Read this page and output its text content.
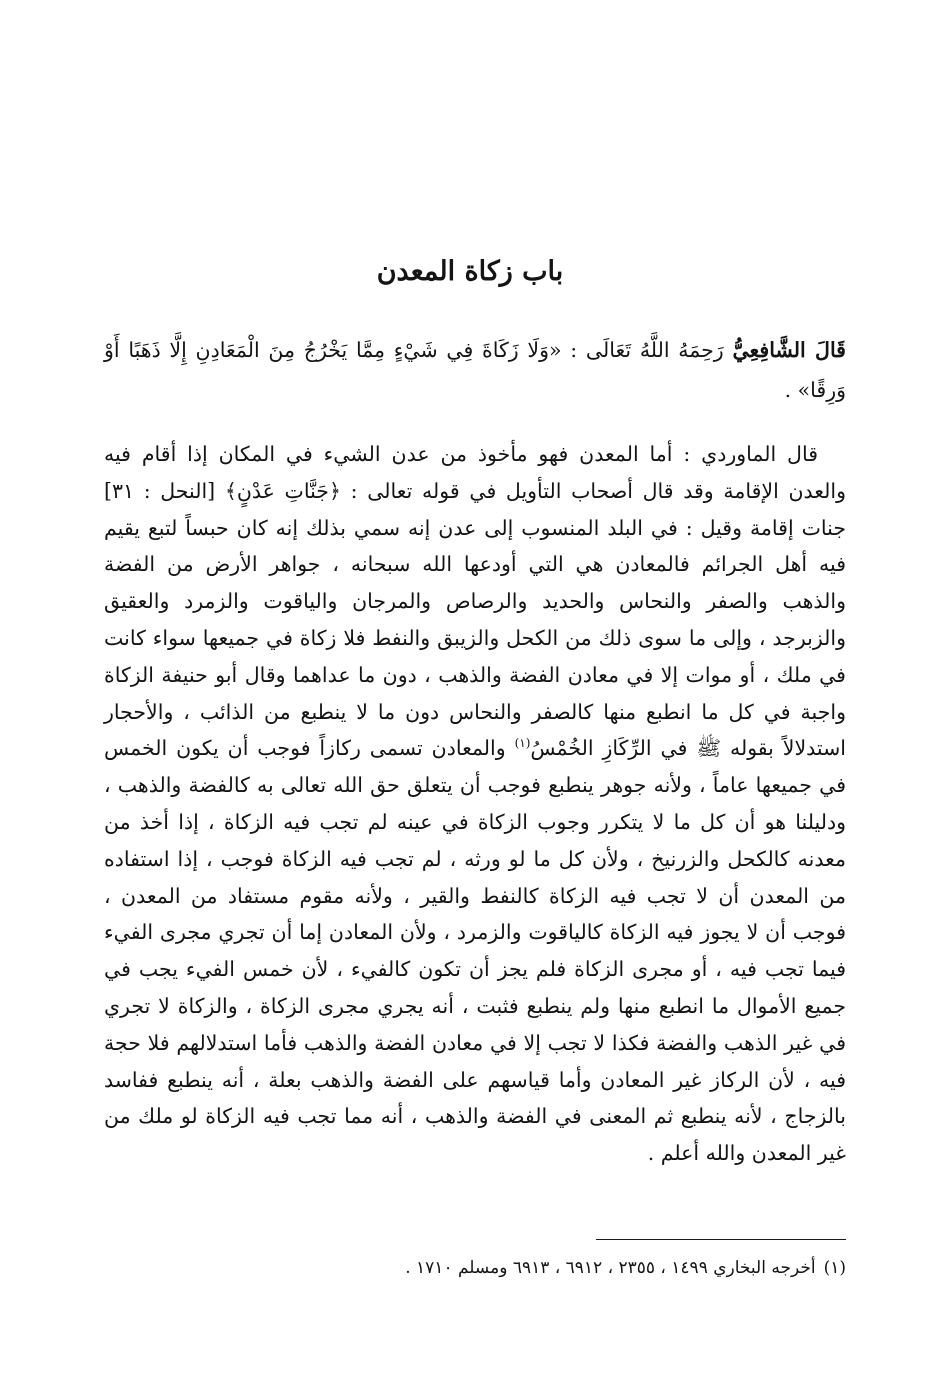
باب زكاة المعدن

قَالَ الشَّافِعِيُّ رَحِمَهُ اللَّهُ تَعَالَى : «وَلَا زَكَاةَ فِي شَيْءٍ مِمَّا يَخْرُجُ مِنَ الْمَعَادِنِ إِلَّا ذَهَبًا أَوْ وَرِقًا» .

قال الماوردي : أما المعدن فهو مأخوذ من عدن الشيء في المكان إذا أقام فيه والعدن الإقامة وقد قال أصحاب التأويل في قوله تعالى : ﴿جَنَّاتِ عَدْنٍ﴾ [النحل : ٣١] جنات إقامة وقيل : في البلد المنسوب إلى عدن إنه سمي بذلك إنه كان حبساً لتبع يقيم فيه أهل الجرائم فالمعادن هي التي أودعها الله سبحانه ، جواهر الأرض من الفضة والذهب والصفر والنحاس والحديد والرصاص والمرجان والياقوت والزمرد والعقيق والزبرجد ، وإلى ما سوى ذلك من الكحل والزيبق والنفط فلا زكاة في جميعها سواء كانت في ملك ، أو موات إلا في معادن الفضة والذهب ، دون ما عداهما وقال أبو حنيفة الزكاة واجبة في كل ما انطبع منها كالصفر والنحاس دون ما لا ينطبع من الذائب ، والأحجار استدلالاً بقوله ﷺ في الرِّكَازِ الخُمْسُ$^{(١)}$ والمعادن تسمى ركازاً فوجب أن يكون الخمس في جميعها عاماً ، ولأنه جوهر ينطبع فوجب أن يتعلق حق الله تعالى به كالفضة والذهب ، ودليلنا هو أن كل ما لا يتكرر وجوب الزكاة في عينه لم تجب فيه الزكاة ، إذا أخذ من معدنه كالكحل والزرنيخ ، ولأن كل ما لو ورثه ، لم تجب فيه الزكاة فوجب ، إذا استفاده من المعدن أن لا تجب فيه الزكاة كالنفط والقير ، ولأنه مقوم مستفاد من المعدن ، فوجب أن لا يجوز فيه الزكاة كالياقوت والزمرد ، ولأن المعادن إما أن تجري مجرى الفيء فيما تجب فيه ، أو مجرى الزكاة فلم يجز أن تكون كالفيء ، لأن خمس الفيء يجب في جميع الأموال ما انطبع منها ولم ينطبع فثبت ، أنه يجري مجرى الزكاة ، والزكاة لا تجري في غير الذهب والفضة فكذا لا تجب إلا في معادن الفضة والذهب فأما استدلالهم فلا حجة فيه ، لأن الركاز غير المعادن وأما قياسهم على الفضة والذهب بعلة ، أنه ينطبع ففاسد بالزجاج ، لأنه ينطبع ثم المعنى في الفضة والذهب ، أنه مما تجب فيه الزكاة لو ملك من غير المعدن والله أعلم .

(١)أخرجه البخاري ١٤٩٩ ، ٢٣٥٥ ، ٦٩١٢ ، ٦٩١٣ ومسلم ١٧١٠ .
